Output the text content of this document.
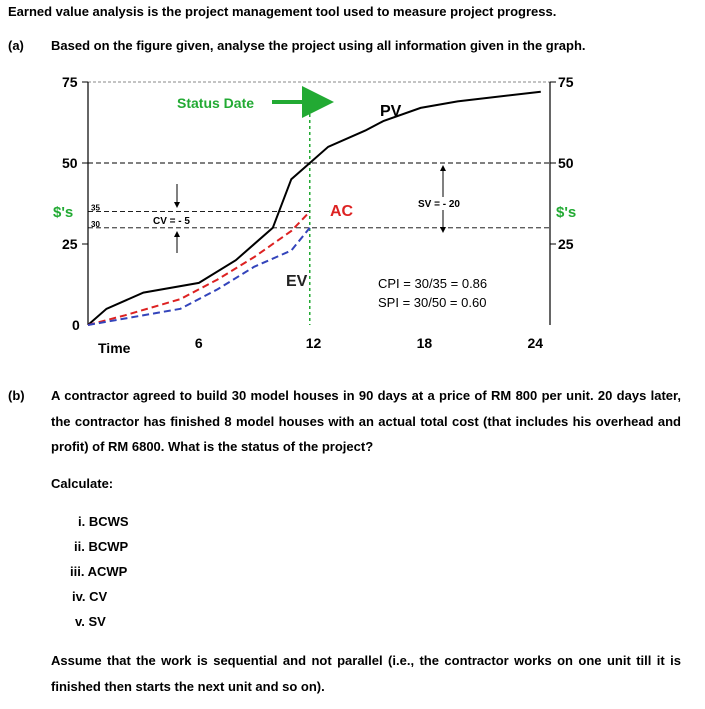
Earned value analysis is the project management tool used to measure project progress.
(a) Based on the figure given, analyse the project using all information given in the graph.
0
25
50
75
25
50
75
35
30
PV
AC
EV
Status Date
$'s	$'s
Time	6	12	18	24
CV = - 5
SV = - 20
CPI = 30/35 = 0.86
SPI = 30/50 = 0.60
(b) A contractor agreed to build 30 model houses in 90 days at a price of RM 800 per unit. 20 days later, the contractor has finished 8 model houses with an actual total cost (that includes his overhead and profit) of RM 6800. What is the status of the project?
Calculate:
i. BCWS
ii. BCWP
iii. ACWP
iv. CV
v. SV
Assume that the work is sequential and not parallel (i.e., the contractor works on one unit till it is finished then starts the next unit and so on).
